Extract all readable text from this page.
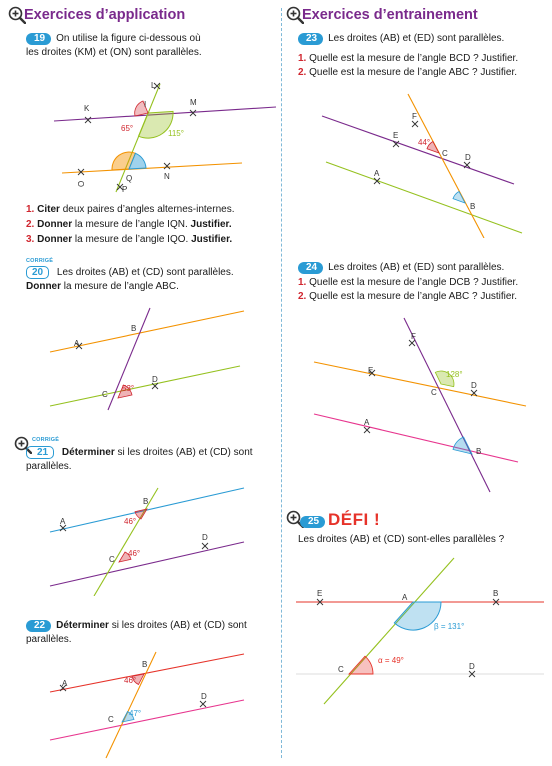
Exercices d’application
19 On utilise la figure ci-dessous où
les droites (KM) et (ON) sont parallèles.
L
K	I	M
O
Q	N
P
65°
115°
1. Citer deux paires d’angles alternes-internes.
2. Donner la mesure de l’angle IQN. Justifier.
3. Donner la mesure de l’angle IQO. Justifier.
CORRIGÉ
20 Les droites (AB) et (CD) sont parallèles.
Donner la mesure de l’angle ABC.
A
B
C
D
53°
CORRIGÉ
21 Déterminer si les droites (AB) et (CD) sont
parallèles.
A
B
C
D
46°
46°
22 Déterminer si les droites (AB) et (CD) sont
parallèles.
A
B
C
D
46°
47°
Exercices d’entrainement
23 Les droites (AB) et (ED) sont parallèles.
1. Quelle est la mesure de l’angle BCD ? Justifier.
2. Quelle est la mesure de l’angle ABC ? Justifier.
F
E
C D
A
B
44°
24 Les droites (AB) et (ED) sont parallèles.
1. Quelle est la mesure de l’angle DCB ? Justifier.
2. Quelle est la mesure de l’angle ABC ? Justifier.
F
E
C
D
A
B
128°
25 DÉFI !
Les droites (AB) et (CD) sont-elles parallèles ?
E	A	B
C	D
β = 131°
α = 49°
